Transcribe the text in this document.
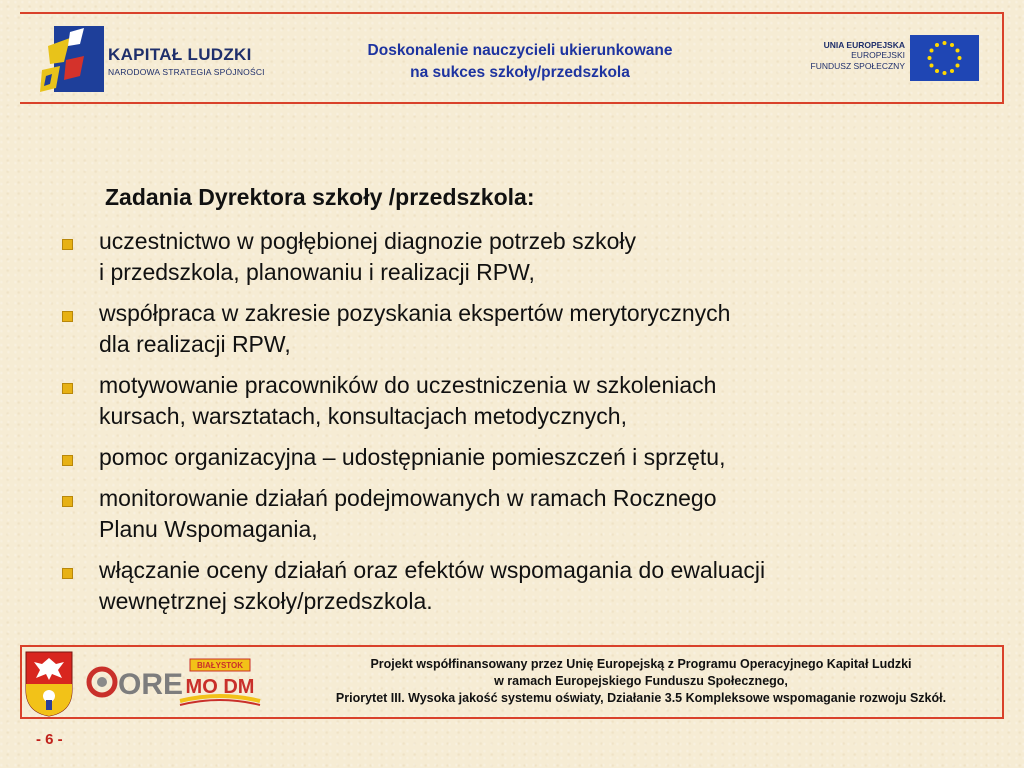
KAPITAŁ LUDZKI
NARODOWA STRATEGIA SPÓJNOŚCI
Doskonalenie nauczycieli ukierunkowane
na sukces szkoły/przedszkola
UNIA EUROPEJSKA
EUROPEJSKI
FUNDUSZ SPOŁECZNY
Zadania Dyrektora szkoły /przedszkola:
uczestnictwo w pogłębionej diagnozie potrzeb szkoły
i przedszkola, planowaniu i realizacji RPW,
współpraca w zakresie pozyskania ekspertów merytorycznych
dla realizacji RPW,
motywowanie pracowników do uczestniczenia w szkoleniach
kursach, warsztatach, konsultacjach metodycznych,
pomoc organizacyjna – udostępnianie pomieszczeń i sprzętu,
monitorowanie działań podejmowanych w ramach Rocznego
Planu Wspomagania,
włączanie oceny działań oraz efektów wspomagania do ewaluacji
wewnętrznej szkoły/przedszkola.
ORE
BIAŁYSTOK
MO DM
Projekt współfinansowany przez Unię Europejską z Programu Operacyjnego Kapitał Ludzki
w ramach Europejskiego Funduszu Społecznego,
Priorytet III. Wysoka jakość systemu oświaty, Działanie 3.5 Kompleksowe wspomaganie rozwoju Szkół.
- 6 -
